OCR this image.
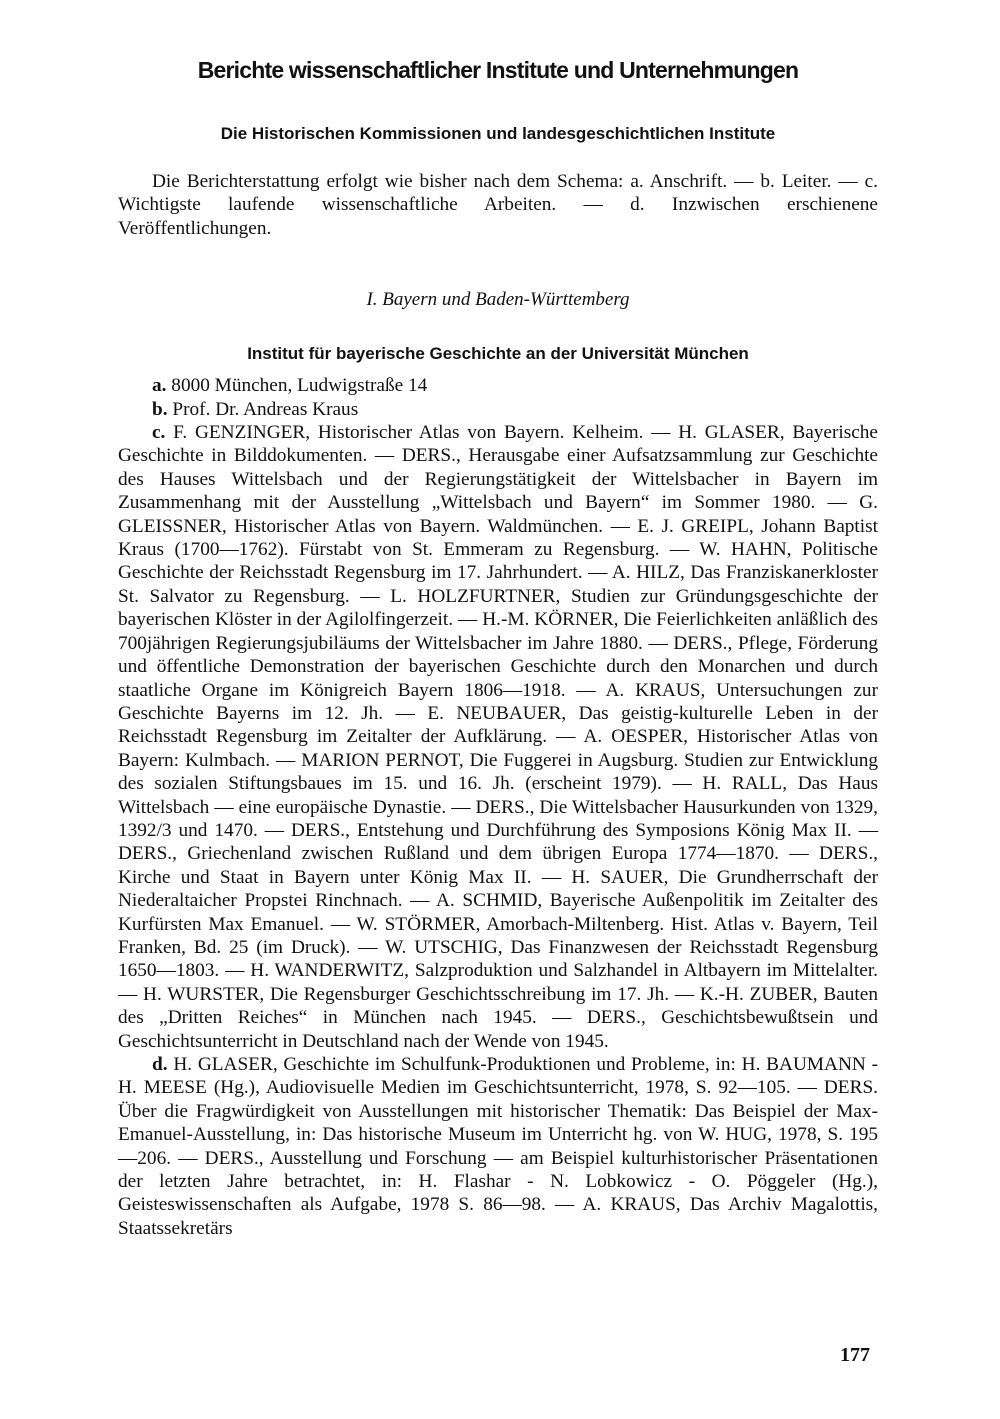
Berichte wissenschaftlicher Institute und Unternehmungen
Die Historischen Kommissionen und landesgeschichtlichen Institute

Die Berichterstattung erfolgt wie bisher nach dem Schema: a. Anschrift. — b. Leiter. — c. Wichtigste laufende wissenschaftliche Arbeiten. — d. Inzwischen erschienene Veröffentlichungen.

I. Bayern und Baden-Württemberg
Institut für bayerische Geschichte an der Universität München

a. 8000 München, Ludwigstraße 14

b. Prof. Dr. Andreas Kraus

c. F. GENZINGER, Historischer Atlas von Bayern. Kelheim. — H. GLASER, Bayerische Geschichte in Bilddokumenten. — DERS., Herausgabe einer Aufsatzsammlung zur Geschichte des Hauses Wittelsbach und der Regierungstätigkeit der Wittelsbacher in Bayern im Zusammenhang mit der Ausstellung „Wittelsbach und Bayern“ im Sommer 1980. — G. GLEISSNER, Historischer Atlas von Bayern. Waldmünchen. — E. J. GREIPL, Johann Baptist Kraus (1700—1762). Fürstabt von St. Emmeram zu Regensburg. — W. HAHN, Politische Geschichte der Reichsstadt Regensburg im 17. Jahrhundert. — A. HILZ, Das Franziskanerkloster St. Salvator zu Regensburg. — L. HOLZFURTNER, Studien zur Gründungsgeschichte der bayerischen Klöster in der Agilolfingerzeit. — H.-M. KÖRNER, Die Feierlichkeiten anläßlich des 700jährigen Regierungsjubiläums der Wittelsbacher im Jahre 1880. — DERS., Pflege, Förderung und öffentliche Demonstration der bayerischen Geschichte durch den Monarchen und durch staatliche Organe im Königreich Bayern 1806—1918. — A. KRAUS, Untersuchungen zur Geschichte Bayerns im 12. Jh. — E. NEUBAUER, Das geistig-kulturelle Leben in der Reichsstadt Regensburg im Zeitalter der Aufklärung. — A. OESPER, Historischer Atlas von Bayern: Kulmbach. — MARION PERNOT, Die Fuggerei in Augsburg. Studien zur Entwicklung des sozialen Stiftungsbaues im 15. und 16. Jh. (erscheint 1979). — H. RALL, Das Haus Wittelsbach — eine europäische Dynastie. — DERS., Die Wittelsbacher Hausurkunden von 1329, 1392/3 und 1470. — DERS., Entstehung und Durchführung des Symposions König Max II. — DERS., Griechenland zwischen Rußland und dem übrigen Europa 1774—1870. — DERS., Kirche und Staat in Bayern unter König Max II. — H. SAUER, Die Grundherrschaft der Niederaltaicher Propstei Rinchnach. — A. SCHMID, Bayerische Außenpolitik im Zeitalter des Kurfürsten Max Emanuel. — W. STÖRMER, Amorbach-Miltenberg. Hist. Atlas v. Bayern, Teil Franken, Bd. 25 (im Druck). — W. UTSCHIG, Das Finanzwesen der Reichsstadt Regensburg 1650—1803. — H. WANDERWITZ, Salzproduktion und Salzhandel in Altbayern im Mittelalter. — H. WURSTER, Die Regensburger Geschichtsschreibung im 17. Jh. — K.-H. ZUBER, Bauten des „Dritten Reiches“ in München nach 1945. — DERS., Geschichtsbewußtsein und Geschichtsunterricht in Deutschland nach der Wende von 1945.

d. H. GLASER, Geschichte im Schulfunk-Produktionen und Probleme, in: H. BAUMANN - H. MEESE (Hg.), Audiovisuelle Medien im Geschichtsunterricht, 1978, S. 92—105. — DERS. Über die Fragwürdigkeit von Ausstellungen mit historischer Thematik: Das Beispiel der Max-Emanuel-Ausstellung, in: Das historische Museum im Unterricht hg. von W. HUG, 1978, S. 195—206. — DERS., Ausstellung und Forschung — am Beispiel kulturhistorischer Präsentationen der letzten Jahre betrachtet, in: H. Flashar - N. Lobkowicz - O. Pöggeler (Hg.), Geisteswissenschaften als Aufgabe, 1978 S. 86—98. — A. KRAUS, Das Archiv Magalottis, Staatssekretärs

177
